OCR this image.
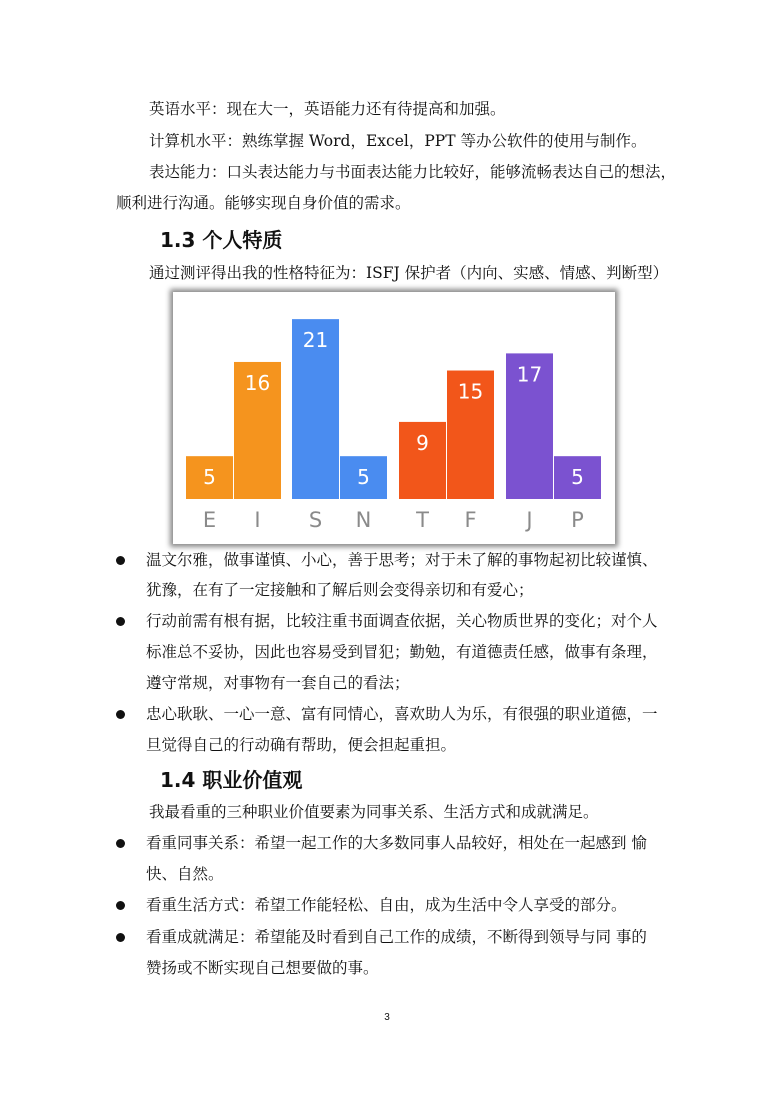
英语水平：现在大一，英语能力还有待提高和加强。
计算机水平：熟练掌握 Word，Excel，PPT 等办公软件的使用与制作。
表达能力：口头表达能力与书面表达能力比较好，能够流畅表达自己的想法，
顺利进行沟通。能够实现自身价值的需求。
1.3 个人特质
通过测评得出我的性格特征为：ISFJ 保护者（内向、实感、情感、判断型）
5
E
16
I
21
S
5
N
9
T
15
F
17
J
5
P
温文尔雅，做事谨慎、小心，善于思考；对于未了解的事物起初比较谨慎、
犹豫，在有了一定接触和了解后则会变得亲切和有爱心；
行动前需有根有据，比较注重书面调查依据，关心物质世界的变化；对个人
标准总不妥协，因此也容易受到冒犯；勤勉，有道德责任感，做事有条理，
遵守常规，对事物有一套自己的看法；
忠心耿耿、一心一意、富有同情心，喜欢助人为乐，有很强的职业道德，一
旦觉得自己的行动确有帮助，便会担起重担。
1.4 职业价值观
我最看重的三种职业价值要素为同事关系、生活方式和成就满足。
看重同事关系：希望一起工作的大多数同事人品较好，相处在一起感到 愉
快、自然。
看重生活方式：希望工作能轻松、自由，成为生活中令人享受的部分。
看重成就满足：希望能及时看到自己工作的成绩，不断得到领导与同 事的
赞扬或不断实现自己想要做的事。
3
